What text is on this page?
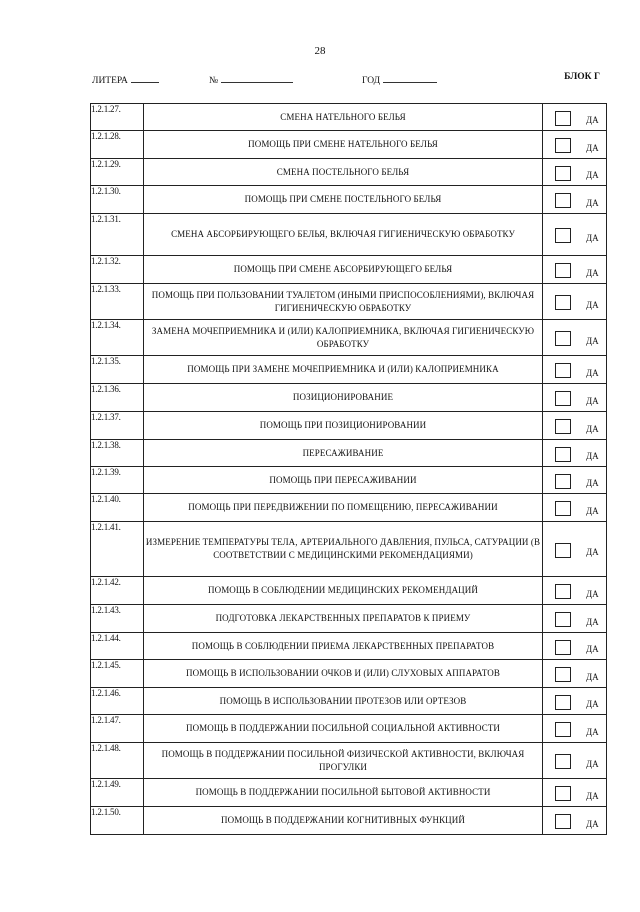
28
ЛИТЕРА	№	ГОД	БЛОК Г
1.2.1.27.	СМЕНА НАТЕЛЬНОГО БЕЛЬЯ	ДА

1.2.1.28.	ПОМОЩЬ ПРИ СМЕНЕ НАТЕЛЬНОГО БЕЛЬЯ	ДА

1.2.1.29.	СМЕНА ПОСТЕЛЬНОГО БЕЛЬЯ	ДА

1.2.1.30.	ПОМОЩЬ ПРИ СМЕНЕ ПОСТЕЛЬНОГО БЕЛЬЯ	ДА

1.2.1.31.	СМЕНА АБСОРБИРУЮЩЕГО БЕЛЬЯ, ВКЛЮЧАЯ ГИГИЕНИЧЕСКУЮ ОБРАБОТКУ	ДА

1.2.1.32.	ПОМОЩЬ ПРИ СМЕНЕ АБСОРБИРУЮЩЕГО БЕЛЬЯ	ДА

1.2.1.33.	ПОМОЩЬ ПРИ ПОЛЬЗОВАНИИ ТУАЛЕТОМ (ИНЫМИ ПРИСПОСОБЛЕНИЯМИ), ВКЛЮЧАЯ ГИГИЕНИЧЕСКУЮ ОБРАБОТКУ	ДА

1.2.1.34.	ЗАМЕНА МОЧЕПРИЕМНИКА И (ИЛИ) КАЛОПРИЕМНИКА, ВКЛЮЧАЯ ГИГИЕНИЧЕСКУЮ ОБРАБОТКУ	ДА

1.2.1.35.	ПОМОЩЬ ПРИ ЗАМЕНЕ МОЧЕПРИЕМНИКА И (ИЛИ) КАЛОПРИЕМНИКА	ДА

1.2.1.36.	ПОЗИЦИОНИРОВАНИЕ	ДА

1.2.1.37.	ПОМОЩЬ ПРИ ПОЗИЦИОНИРОВАНИИ	ДА

1.2.1.38.	ПЕРЕСАЖИВАНИЕ	ДА

1.2.1.39.	ПОМОЩЬ ПРИ ПЕРЕСАЖИВАНИИ	ДА

1.2.1.40.	ПОМОЩЬ ПРИ ПЕРЕДВИЖЕНИИ ПО ПОМЕЩЕНИЮ, ПЕРЕСАЖИВАНИИ	ДА

1.2.1.41.	ИЗМЕРЕНИЕ ТЕМПЕРАТУРЫ ТЕЛА, АРТЕРИАЛЬНОГО ДАВЛЕНИЯ, ПУЛЬСА, САТУРАЦИИ (В СООТВЕТСТВИИ С МЕДИЦИНСКИМИ РЕКОМЕНДАЦИЯМИ)	ДА

1.2.1.42.	ПОМОЩЬ В СОБЛЮДЕНИИ МЕДИЦИНСКИХ РЕКОМЕНДАЦИЙ	ДА

1.2.1.43.	ПОДГОТОВКА ЛЕКАРСТВЕННЫХ ПРЕПАРАТОВ К ПРИЕМУ	ДА

1.2.1.44.	ПОМОЩЬ В СОБЛЮДЕНИИ ПРИЕМА ЛЕКАРСТВЕННЫХ ПРЕПАРАТОВ	ДА

1.2.1.45.	ПОМОЩЬ В ИСПОЛЬЗОВАНИИ ОЧКОВ И (ИЛИ) СЛУХОВЫХ АППАРАТОВ	ДА

1.2.1.46.	ПОМОЩЬ В ИСПОЛЬЗОВАНИИ ПРОТЕЗОВ ИЛИ ОРТЕЗОВ	ДА

1.2.1.47.	ПОМОЩЬ В ПОДДЕРЖАНИИ ПОСИЛЬНОЙ СОЦИАЛЬНОЙ АКТИВНОСТИ	ДА

1.2.1.48.	ПОМОЩЬ В ПОДДЕРЖАНИИ ПОСИЛЬНОЙ ФИЗИЧЕСКОЙ АКТИВНОСТИ, ВКЛЮЧАЯ ПРОГУЛКИ	ДА

1.2.1.49.	ПОМОЩЬ В ПОДДЕРЖАНИИ ПОСИЛЬНОЙ БЫТОВОЙ АКТИВНОСТИ	ДА

1.2.1.50.	ПОМОЩЬ В ПОДДЕРЖАНИИ КОГНИТИВНЫХ ФУНКЦИЙ	ДА
